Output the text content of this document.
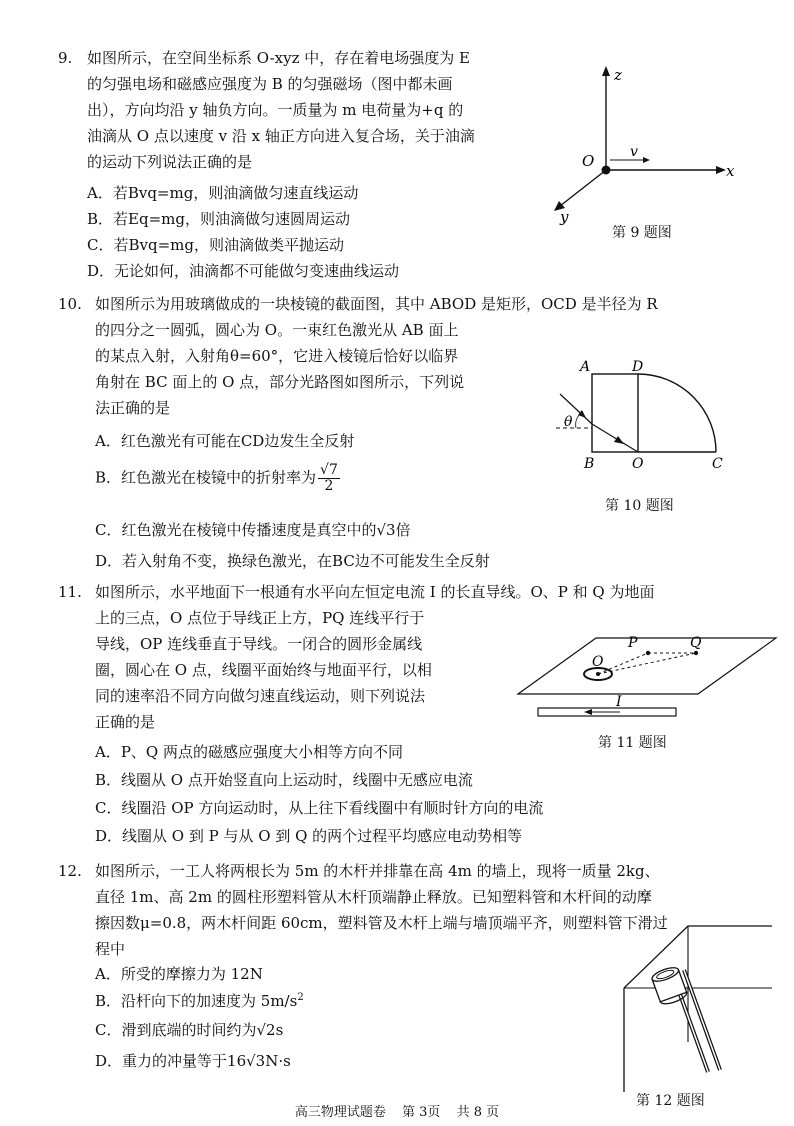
9. 如图所示，在空间坐标系 O-xyz 中，存在着电场强度为 E
的匀强电场和磁感应强度为 B 的匀强磁场（图中都未画
出），方向均沿 y 轴负方向。一质量为 m 电荷量为+q 的
油滴从 O 点以速度 v 沿 x 轴正方向进入复合场，关于油滴
的运动下列说法正确的是
A．若Bvq=mg，则油滴做匀速直线运动
B．若Eq=mg，则油滴做匀速圆周运动
C．若Bvq=mg，则油滴做类平抛运动
D．无论如何，油滴都不可能做匀变速曲线运动
z
x
y
O	v
第 9 题图
10. 如图所示为用玻璃做成的一块棱镜的截面图，其中 ABOD 是矩形，OCD 是半径为 R
的四分之一圆弧，圆心为 O。一束红色激光从 AB 面上
的某点入射，入射角θ=60°，它进入棱镜后恰好以临界
角射在 BC 面上的 O 点，部分光路图如图所示，下列说
法正确的是
A．红色激光有可能在CD边发生全反射
B．红色激光在棱镜中的折射率为 $\frac{√7}{2}$
C．红色激光在棱镜中传播速度是真空中的√3倍
D．若入射角不变，换绿色激光，在BC边不可能发生全反射
A	D
B	O	C
θ
第 10 题图
11. 如图所示，水平地面下一根通有水平向左恒定电流 I 的长直导线。O、P 和 Q 为地面
上的三点，O 点位于导线正上方，PQ 连线平行于
导线，OP 连线垂直于导线。一闭合的圆形金属线
圈，圆心在 O 点，线圈平面始终与地面平行，以相
同的速率沿不同方向做匀速直线运动，则下列说法
正确的是
A．P、Q 两点的磁感应强度大小相等方向不同
B．线圈从 O 点开始竖直向上运动时，线圈中无感应电流
C．线圈沿 OP 方向运动时，从上往下看线圈中有顺时针方向的电流
D．线圈从 O 到 P 与从 O 到 Q 的两个过程平均感应电动势相等
O
P	Q
I
第 11 题图
12. 如图所示，一工人将两根长为 5m 的木杆并排靠在高 4m 的墙上，现将一质量 2kg、
直径 1m、高 2m 的圆柱形塑料管从木杆顶端静止释放。已知塑料管和木杆间的动摩
擦因数μ=0.8，两木杆间距 60cm，塑料管及木杆上端与墙顶端平齐，则塑料管下滑过
程中
A．所受的摩擦力为 12N
B．沿杆向下的加速度为 $5m/s^2$
C．滑到底端的时间约为√2s
D．重力的冲量等于16√3N·s
第 12 题图
高三物理试题卷 第 3页 共 8 页
